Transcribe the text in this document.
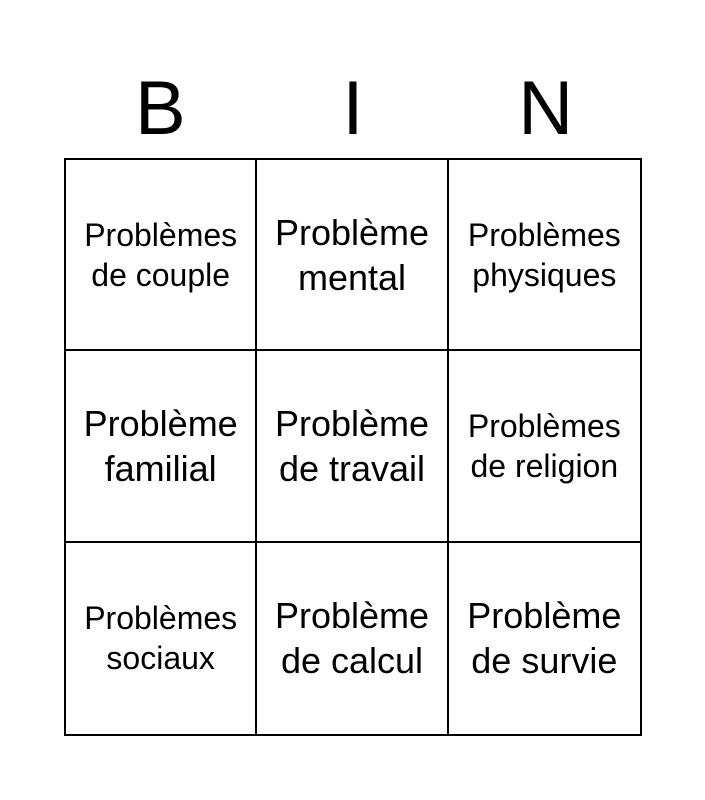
B	I	N
Problèmes de couple
Problème mental
Problèmes physiques
Problème familial
Problème de travail
Problèmes de religion
Problèmes sociaux
Problème de calcul
Problème de survie
